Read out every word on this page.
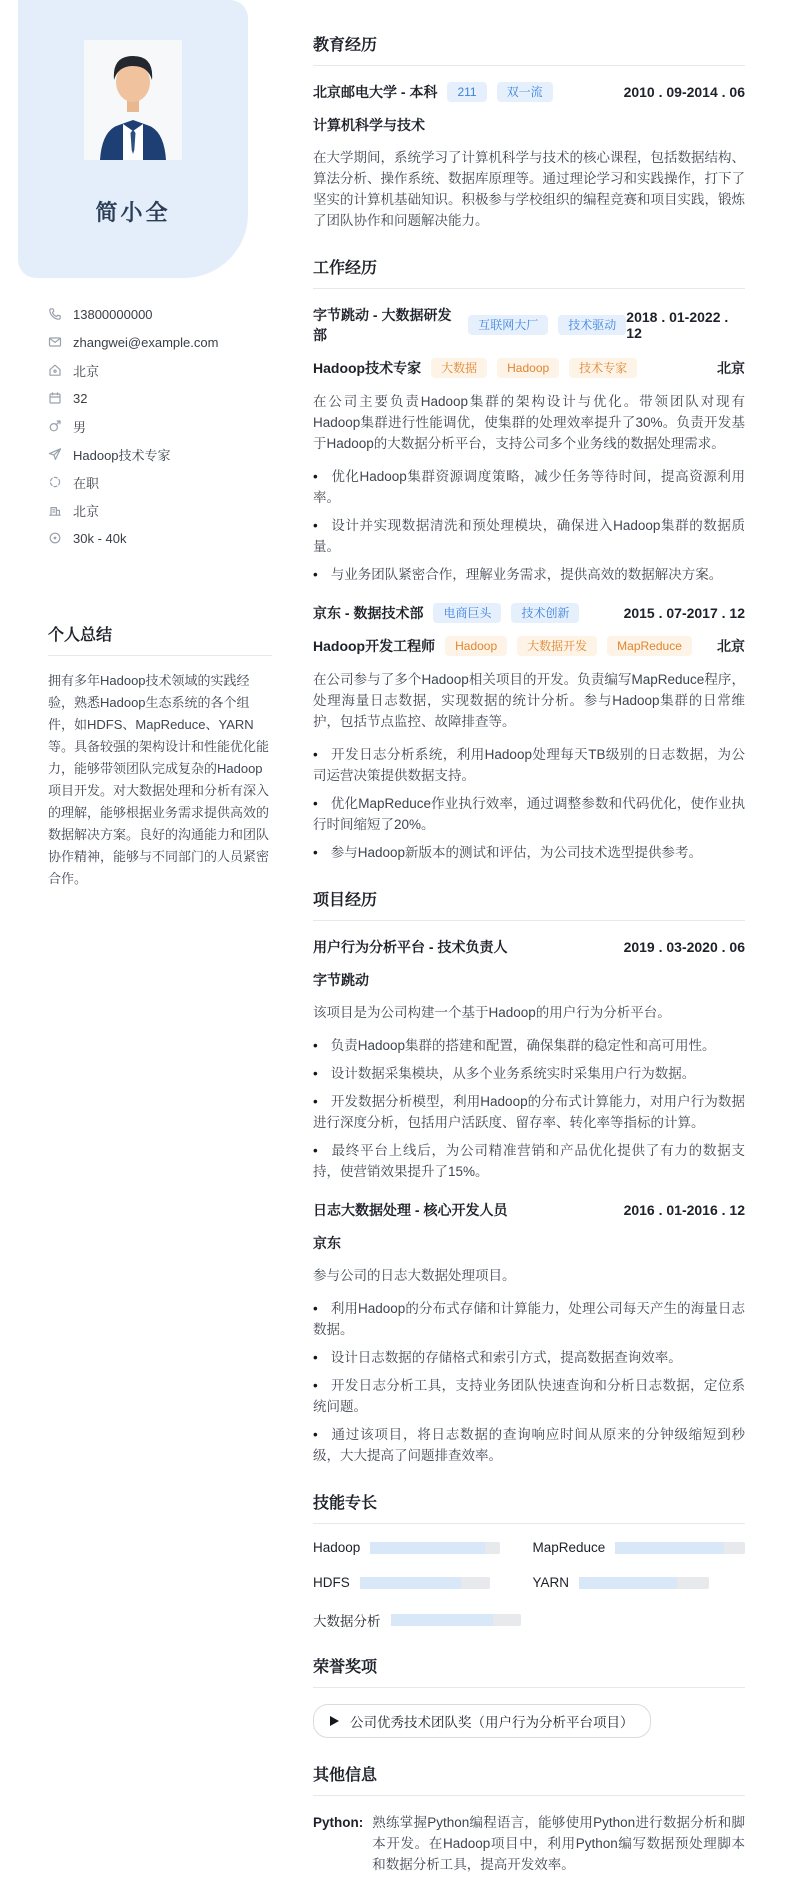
简小全
13800000000
zhangwei@example.com
北京
32
男
Hadoop技术专家
在职
北京
30k - 40k
个人总结

拥有多年Hadoop技术领域的实践经验，熟悉Hadoop生态系统的各个组件，如HDFS、MapReduce、YARN等。具备较强的架构设计和性能优化能力，能够带领团队完成复杂的Hadoop项目开发。对大数据处理和分析有深入的理解，能够根据业务需求提供高效的数据解决方案。良好的沟通能力和团队协作精神，能够与不同部门的人员紧密合作。

教育经历
北京邮电大学 - 本科	211	双一流	2010 . 09-2014 . 06
计算机科学与技术

在大学期间，系统学习了计算机科学与技术的核心课程，包括数据结构、算法分析、操作系统、数据库原理等。通过理论学习和实践操作，打下了坚实的计算机基础知识。积极参与学校组织的编程竞赛和项目实践，锻炼了团队协作和问题解决能力。

工作经历
字节跳动 - 大数据研发部
互联网大厂	技术驱动 2018 . 01-2022 . 12
Hadoop技术专家	大数据	Hadoop	技术专家	北京

在公司主要负责Hadoop集群的架构设计与优化。带领团队对现有Hadoop集群进行性能调优，使集群的处理效率提升了30%。负责开发基于Hadoop的大数据分析平台，支持公司多个业务线的数据处理需求。

• 优化Hadoop集群资源调度策略，减少任务等待时间，提高资源利用率。

• 设计并实现数据清洗和预处理模块，确保进入Hadoop集群的数据质量。

• 与业务团队紧密合作，理解业务需求，提供高效的数据解决方案。

京东 - 数据技术部	电商巨头	技术创新	2015 . 07-2017 . 12
Hadoop开发工程师	Hadoop	大数据开发	MapReduce	北京

在公司参与了多个Hadoop相关项目的开发。负责编写MapReduce程序，处理海量日志数据，实现数据的统计分析。参与Hadoop集群的日常维护，包括节点监控、故障排查等。

• 开发日志分析系统，利用Hadoop处理每天TB级别的日志数据，为公司运营决策提供数据支持。

• 优化MapReduce作业执行效率，通过调整参数和代码优化，使作业执行时间缩短了20%。

• 参与Hadoop新版本的测试和评估，为公司技术选型提供参考。

项目经历
用户行为分析平台 - 技术负责人	2019 . 03-2020 . 06
字节跳动

该项目是为公司构建一个基于Hadoop的用户行为分析平台。

• 负责Hadoop集群的搭建和配置，确保集群的稳定性和高可用性。

• 设计数据采集模块，从多个业务系统实时采集用户行为数据。

• 开发数据分析模型，利用Hadoop的分布式计算能力，对用户行为数据进行深度分析，包括用户活跃度、留存率、转化率等指标的计算。

• 最终平台上线后，为公司精准营销和产品优化提供了有力的数据支持，使营销效果提升了15%。

日志大数据处理 - 核心开发人员	2016 . 01-2016 . 12
京东

参与公司的日志大数据处理项目。

• 利用Hadoop的分布式存储和计算能力，处理公司每天产生的海量日志数据。

• 设计日志数据的存储格式和索引方式，提高数据查询效率。

• 开发日志分析工具，支持业务团队快速查询和分析日志数据，定位系统问题。

• 通过该项目，将日志数据的查询响应时间从原来的分钟级缩短到秒级，大大提高了问题排查效率。

技能专长
Hadoop	MapReduce
HDFS	YARN
大数据分析
荣誉奖项
公司优秀技术团队奖（用户行为分析平台项目）
其他信息
Python: 熟练掌握Python编程语言，能够使用Python进行数据分析和脚本开发。在Hadoop项目中，利用Python编写数据预处理脚本和数据分析工具，提高开发效率。
